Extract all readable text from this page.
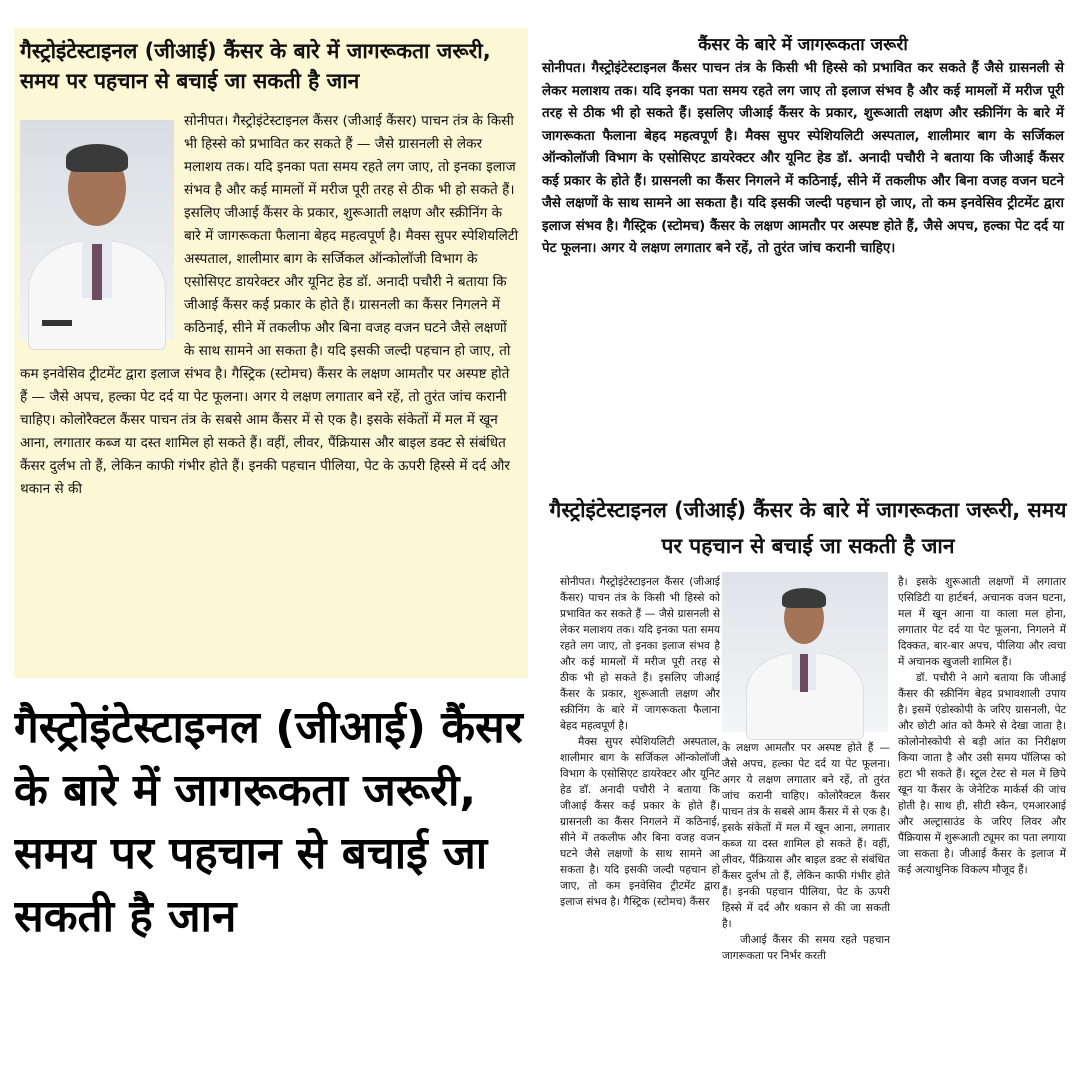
गैस्ट्रोइंटेस्टाइनल (जीआई) कैंसर के बारे में जागरूकता जरूरी, समय पर पहचान से बचाई जा सकती है जान

सोनीपत। गैस्ट्रोइंटेस्टाइनल कैंसर (जीआई कैंसर) पाचन तंत्र के किसी भी हिस्से को प्रभावित कर सकते हैं — जैसे ग्रासनली से लेकर मलाशय तक। यदि इनका पता समय रहते लग जाए, तो इनका इलाज संभव है और कई मामलों में मरीज पूरी तरह से ठीक भी हो सकते हैं। इसलिए जीआई कैंसर के प्रकार, शुरूआती लक्षण और स्क्रीनिंग के बारे में जागरूकता फैलाना बेहद महत्वपूर्ण है। मैक्स सुपर स्पेशियलिटी अस्पताल, शालीमार बाग के सर्जिकल ऑन्कोलॉजी विभाग के एसोसिएट डायरेक्टर और यूनिट हेड डॉ. अनादी पचौरी ने बताया कि जीआई कैंसर कई प्रकार के होते हैं। ग्रासनली का कैंसर निगलने में कठिनाई, सीने में तकलीफ और बिना वजह वजन घटने जैसे लक्षणों के साथ सामने आ सकता है। यदि इसकी जल्दी पहचान हो जाए, तो कम इनवेसिव ट्रीटमेंट द्वारा इलाज संभव है। गैस्ट्रिक (स्टोमच) कैंसर के लक्षण आमतौर पर अस्पष्ट होते हैं — जैसे अपच, हल्का पेट दर्द या पेट फूलना। अगर ये लक्षण लगातार बने रहें, तो तुरंत जांच करानी चाहिए। कोलोरैक्टल कैंसर पाचन तंत्र के सबसे आम कैंसर में से एक है। इसके संकेतों में मल में खून आना, लगातार कब्ज या दस्त शामिल हो सकते हैं। वहीं, लीवर, पैंक्रियास और बाइल डक्ट से संबंधित कैंसर दुर्लभ तो हैं, लेकिन काफी गंभीर होते हैं। इनकी पहचान पीलिया, पेट के ऊपरी हिस्से में दर्द और थकान से की

कैंसर के बारे में जागरूकता जरूरी

सोनीपत। गैस्ट्रोइंटेस्टाइनल कैंसर पाचन तंत्र के किसी भी हिस्से को प्रभावित कर सकते हैं जैसे ग्रासनली से लेकर मलाशय तक। यदि इनका पता समय रहते लग जाए तो इलाज संभव है और कई मामलों में मरीज पूरी तरह से ठीक भी हो सकते हैं। इसलिए जीआई कैंसर के प्रकार, शुरूआती लक्षण और स्क्रीनिंग के बारे में जागरूकता फैलाना बेहद महत्वपूर्ण है। मैक्स सुपर स्पेशियलिटी अस्पताल, शालीमार बाग के सर्जिकल ऑन्कोलॉजी विभाग के एसोसिएट डायरेक्टर और यूनिट हेड डॉ. अनादी पचौरी ने बताया कि जीआई कैंसर कई प्रकार के होते हैं। ग्रासनली का कैंसर निगलने में कठिनाई, सीने में तकलीफ और बिना वजह वजन घटने जैसे लक्षणों के साथ सामने आ सकता है। यदि इसकी जल्दी पहचान हो जाए, तो कम इनवेसिव ट्रीटमेंट द्वारा इलाज संभव है। गैस्ट्रिक (स्टोमच) कैंसर के लक्षण आमतौर पर अस्पष्ट होते हैं, जैसे अपच, हल्का पेट दर्द या पेट फूलना। अगर ये लक्षण लगातार बने रहें, तो तुरंत जांच करानी चाहिए।

गैस्ट्रोइंटेस्टाइनल (जीआई) कैंसर के बारे में जागरूकता जरूरी, समय पर पहचान से बचाई जा सकती है जान

गैस्ट्रोइंटेस्टाइनल (जीआई) कैंसर के बारे में जागरूकता जरूरी, समय पर पहचान से बचाई जा सकती है जान

सोनीपत। गैस्ट्रोइंटेस्टाइनल कैंसर (जीआई कैंसर) पाचन तंत्र के किसी भी हिस्से को प्रभावित कर सकते हैं — जैसे ग्रासनली से लेकर मलाशय तक। यदि इनका पता समय रहते लग जाए, तो इनका इलाज संभव है और कई मामलों में मरीज पूरी तरह से ठीक भी हो सकते हैं। इसलिए जीआई कैंसर के प्रकार, शुरूआती लक्षण और स्क्रीनिंग के बारे में जागरूकता फैलाना बेहद महत्वपूर्ण है।
मैक्स सुपर स्पेशियलिटी अस्पताल, शालीमार बाग के सर्जिकल ऑन्कोलॉजी विभाग के एसोसिएट डायरेक्टर और यूनिट हेड डॉ. अनादी पचौरी ने बताया कि जीआई कैंसर कई प्रकार के होते हैं। ग्रासनली का कैंसर निगलने में कठिनाई, सीने में तकलीफ और बिना वजह वजन घटने जैसे लक्षणों के साथ सामने आ सकता है। यदि इसकी जल्दी पहचान हो जाए, तो कम इनवेसिव ट्रीटमेंट द्वारा इलाज संभव है। गैस्ट्रिक (स्टोमच) कैंसर
के लक्षण आमतौर पर अस्पष्ट होते हैं — जैसे अपच, हल्का पेट दर्द या पेट फूलना। अगर ये लक्षण लगातार बने रहें, तो तुरंत जांच करानी चाहिए। कोलोरैक्टल कैंसर पाचन तंत्र के सबसे आम कैंसर में से एक है। इसके संकेतों में मल में खून आना, लगातार कब्ज या दस्त शामिल हो सकते हैं। वहीं, लीवर, पैंक्रियास और बाइल डक्ट से संबंधित कैंसर दुर्लभ तो हैं, लेकिन काफी गंभीर होते हैं। इनकी पहचान पीलिया, पेट के ऊपरी हिस्से में दर्द और थकान से की जा सकती है।
जीआई कैंसर की समय रहते पहचान जागरूकता पर निर्भर करती
है। इसके शुरूआती लक्षणों में लगातार एसिडिटी या हार्टबर्न, अचानक वजन घटना, मल में खून आना या काला मल होना, लगातार पेट दर्द या पेट फूलना, निगलने में दिक्कत, बार-बार अपच, पीलिया और त्वचा में अचानक खुजली शामिल हैं।
डॉ. पचौरी ने आगे बताया कि जीआई कैंसर की स्क्रीनिंग बेहद प्रभावशाली उपाय है। इसमें एंडोस्कोपी के जरिए ग्रासनली, पेट और छोटी आंत को कैमरे से देखा जाता है। कोलोनोस्कोपी से बड़ी आंत का निरीक्षण किया जाता है और उसी समय पॉलिप्स को हटा भी सकते हैं। स्टूल टेस्ट से मल में छिपे खून या कैंसर के जेनेटिक मार्कर्स की जांच होती है। साथ ही, सीटी स्कैन, एमआरआई और अल्ट्रासाउंड के जरिए लिवर और पैंक्रियास में शुरूआती ट्यूमर का पता लगाया जा सकता है। जीआई कैंसर के इलाज में कई अत्याधुनिक विकल्प मौजूद हैं।
